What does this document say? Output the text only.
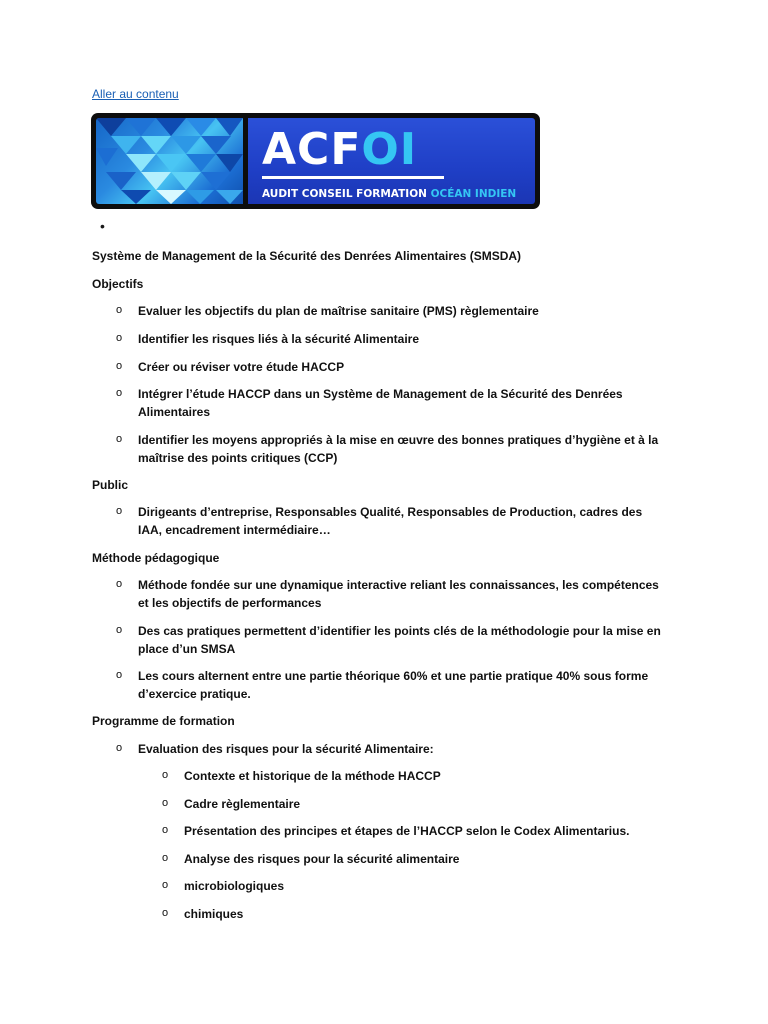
Aller au contenu
ACFOI
AUDIT CONSEIL FORMATION OCÉAN INDIEN
•
Système de Management de la Sécurité des Denrées Alimentaires (SMSDA)
Objectifs
o Evaluer les objectifs du plan de maîtrise sanitaire (PMS) règlementaire
o Identifier les risques liés à la sécurité Alimentaire
o Créer ou réviser votre étude HACCP
o Intégrer l’étude HACCP dans un Système de Management de la Sécurité des Denrées Alimentaires
o Identifier les moyens appropriés à la mise en œuvre des bonnes pratiques d’hygiène et à la maîtrise des points critiques (CCP)
Public
o Dirigeants d’entreprise, Responsables Qualité, Responsables de Production, cadres des IAA, encadrement intermédiaire…
Méthode pédagogique
o Méthode fondée sur une dynamique interactive reliant les connaissances, les compétences et les objectifs de performances
o Des cas pratiques permettent d’identifier les points clés de la méthodologie pour la mise en place d’un SMSA
o Les cours alternent entre une partie théorique 60% et une partie pratique 40% sous forme d’exercice pratique.
Programme de formation
o Evaluation des risques pour la sécurité Alimentaire:
o Contexte et historique de la méthode HACCP
o Cadre règlementaire
o Présentation des principes et étapes de l’HACCP selon le Codex Alimentarius.
o Analyse des risques pour la sécurité alimentaire
o microbiologiques
o chimiques
